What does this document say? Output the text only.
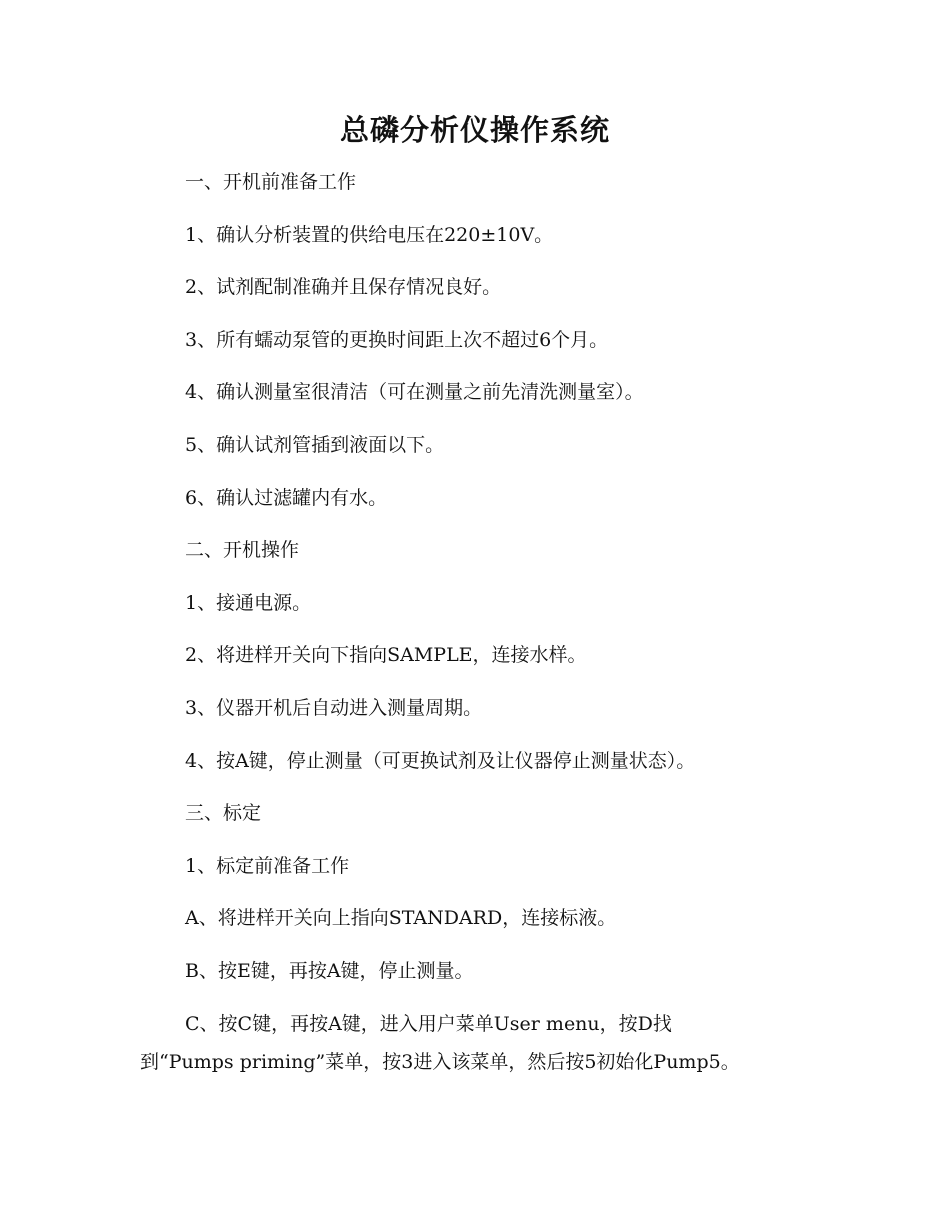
总磷分析仪操作系统

一、开机前准备工作

1、确认分析装置的供给电压在220±10V。

2、试剂配制准确并且保存情况良好。

3、所有蠕动泵管的更换时间距上次不超过6个月。

4、确认测量室很清洁（可在测量之前先清洗测量室）。

5、确认试剂管插到液面以下。

6、确认过滤罐内有水。

二、开机操作

1、接通电源。

2、将进样开关向下指向SAMPLE，连接水样。

3、仪器开机后自动进入测量周期。

4、按A键，停止测量（可更换试剂及让仪器停止测量状态）。

三、标定

1、标定前准备工作

A、将进样开关向上指向STANDARD，连接标液。

B、按E键，再按A键，停止测量。

C、按C键，再按A键，进入用户菜单User menu，按D找到“Pumps priming”菜单，按3进入该菜单，然后按5初始化Pump5。
